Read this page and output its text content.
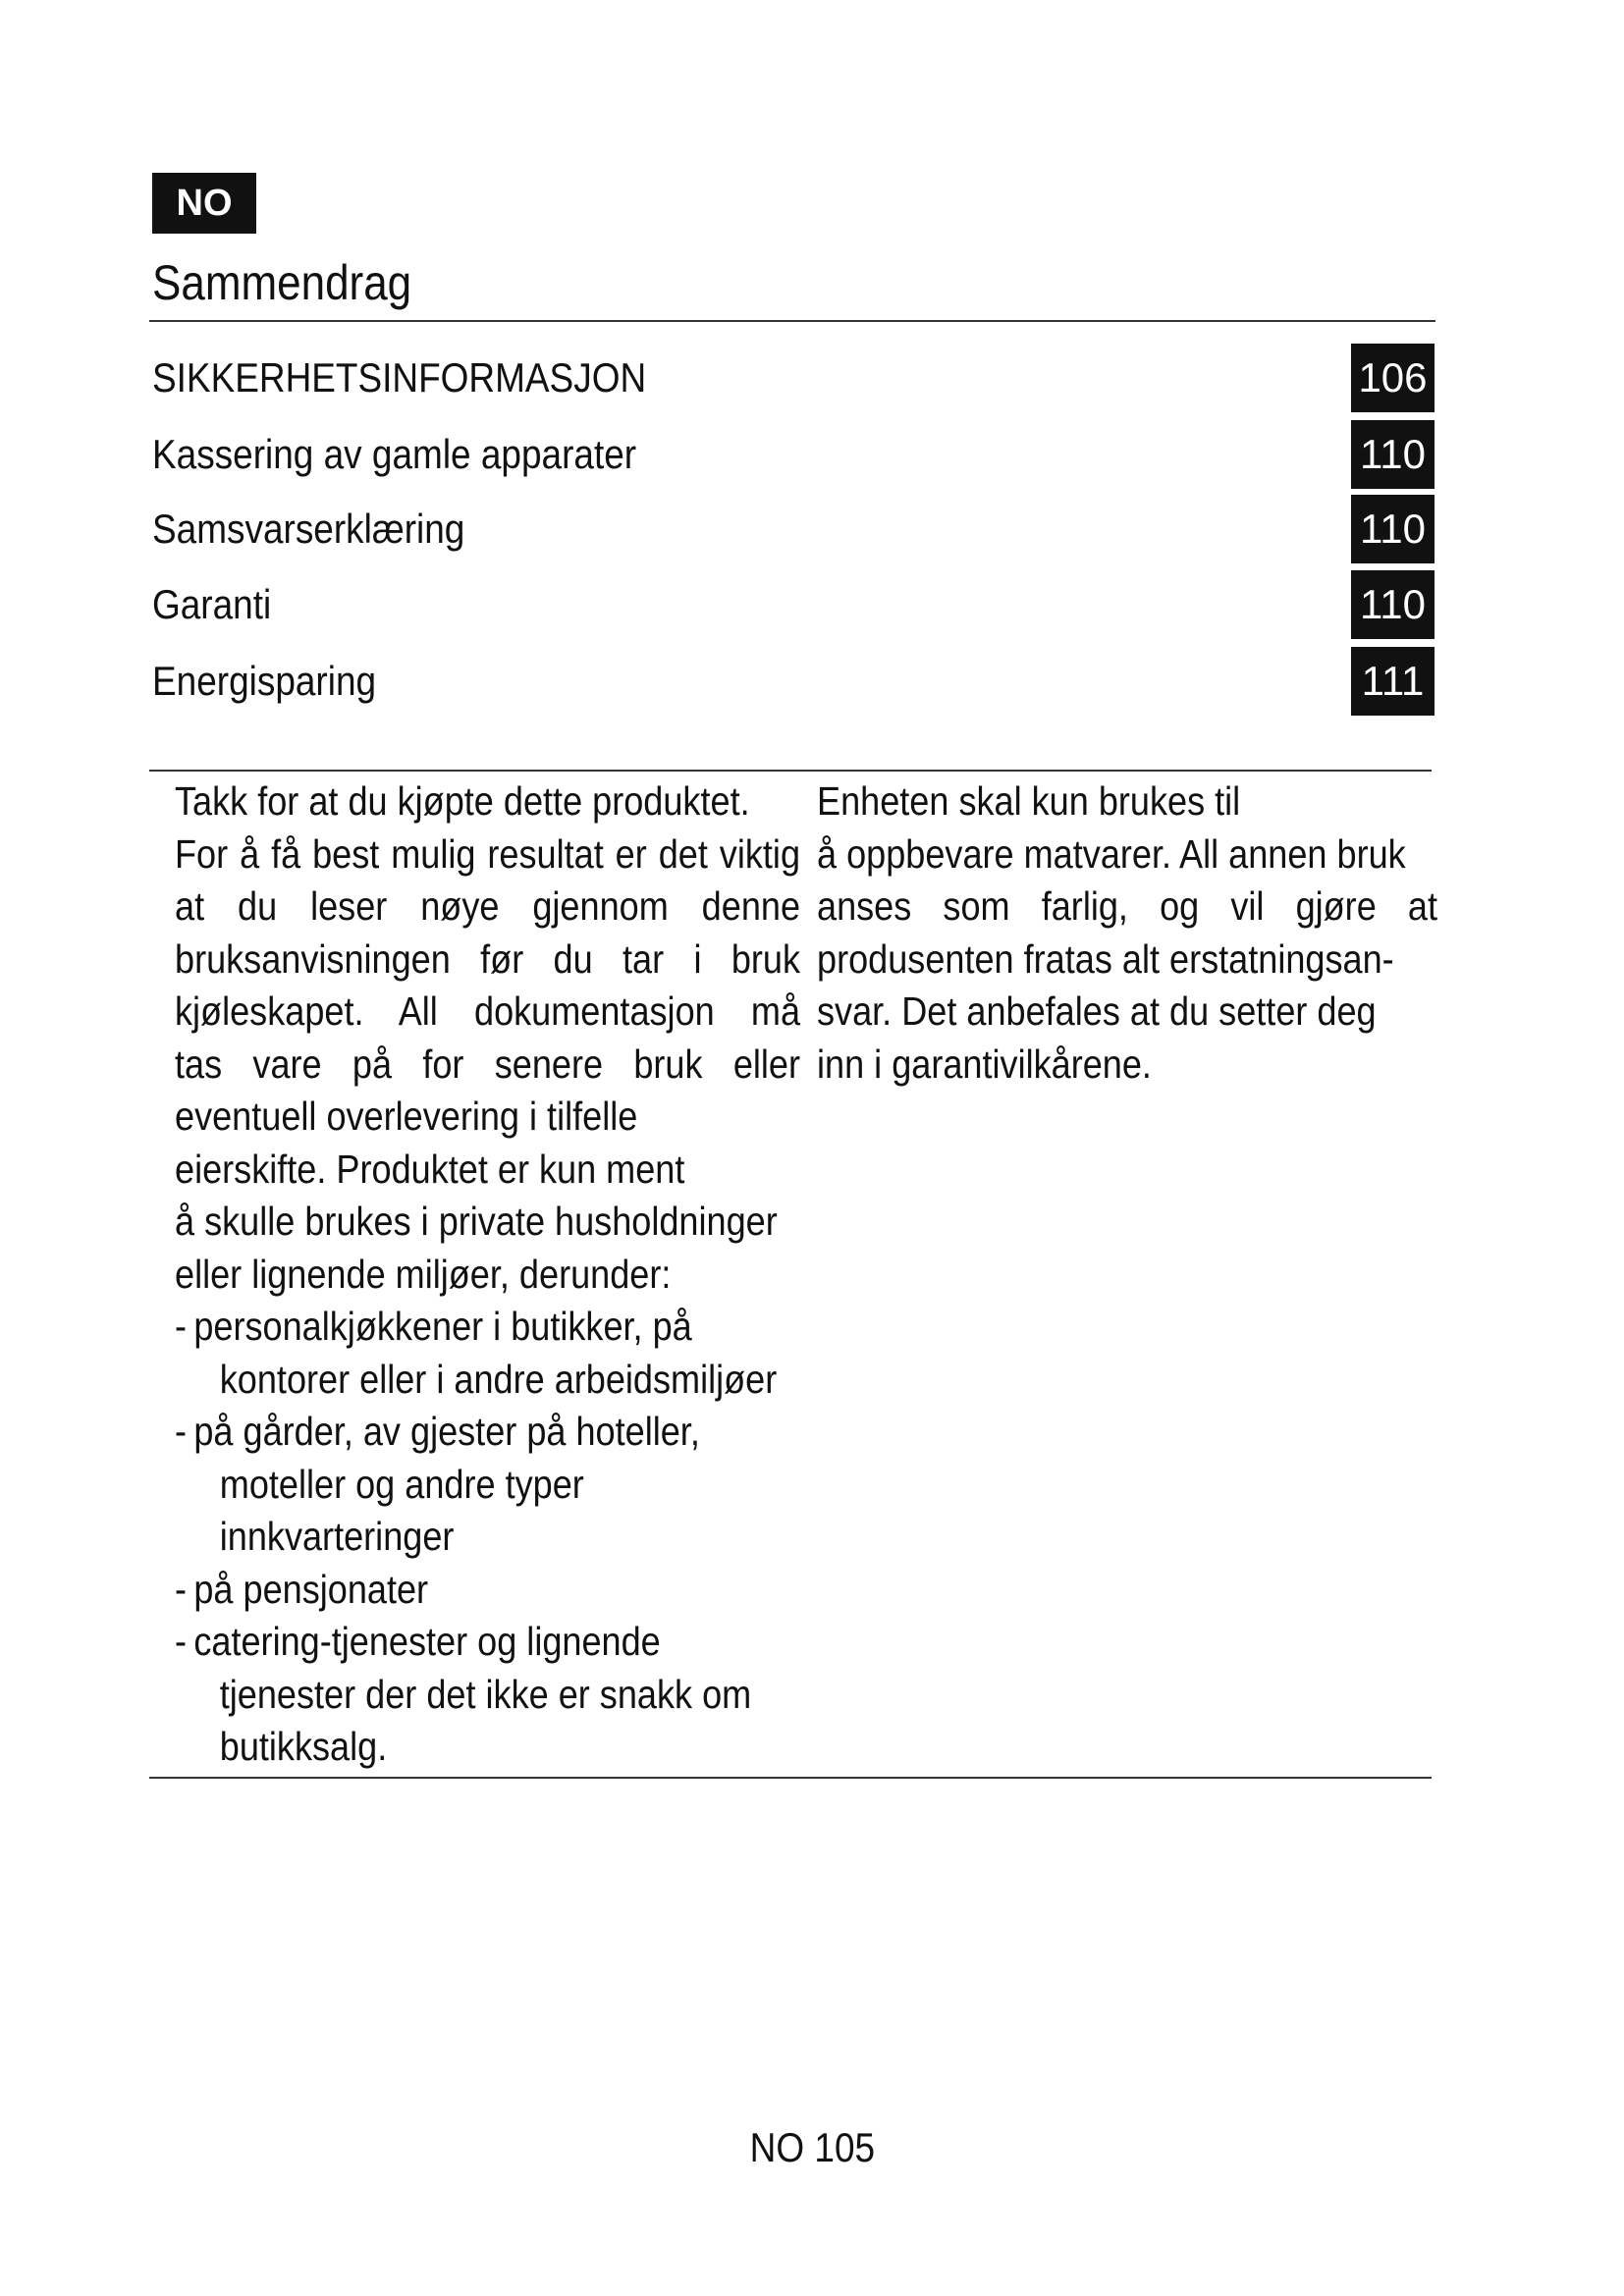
NO
Sammendrag
SIKKERHETSINFORMASJON	106
Kassering av gamle apparater	110
Samsvarserklæring	110
Garanti	110
Energisparing	111
Takk for at du kjøpte dette produktet.
For å få best mulig resultat er det viktig
at du leser nøye gjennom denne
bruksanvisningen før du tar i bruk
kjøleskapet. All dokumentasjon må
tas vare på for senere bruk eller
eventuell overlevering i tilfelle
eierskifte. Produktet er kun ment
å skulle brukes i private husholdninger
eller lignende miljøer, derunder:
- personalkjøkkener i butikker, på
kontorer eller i andre arbeidsmiljøer
- på gårder, av gjester på hoteller,
moteller og andre typer
innkvarteringer
- på pensjonater
- catering-tjenester og lignende
tjenester der det ikke er snakk om
butikksalg.
Enheten skal kun brukes til
å oppbevare matvarer. All annen bruk
anses som farlig, og vil gjøre at
produsenten fratas alt erstatningsan-
svar. Det anbefales at du setter deg
inn i garantivilkårene.
NO 105
